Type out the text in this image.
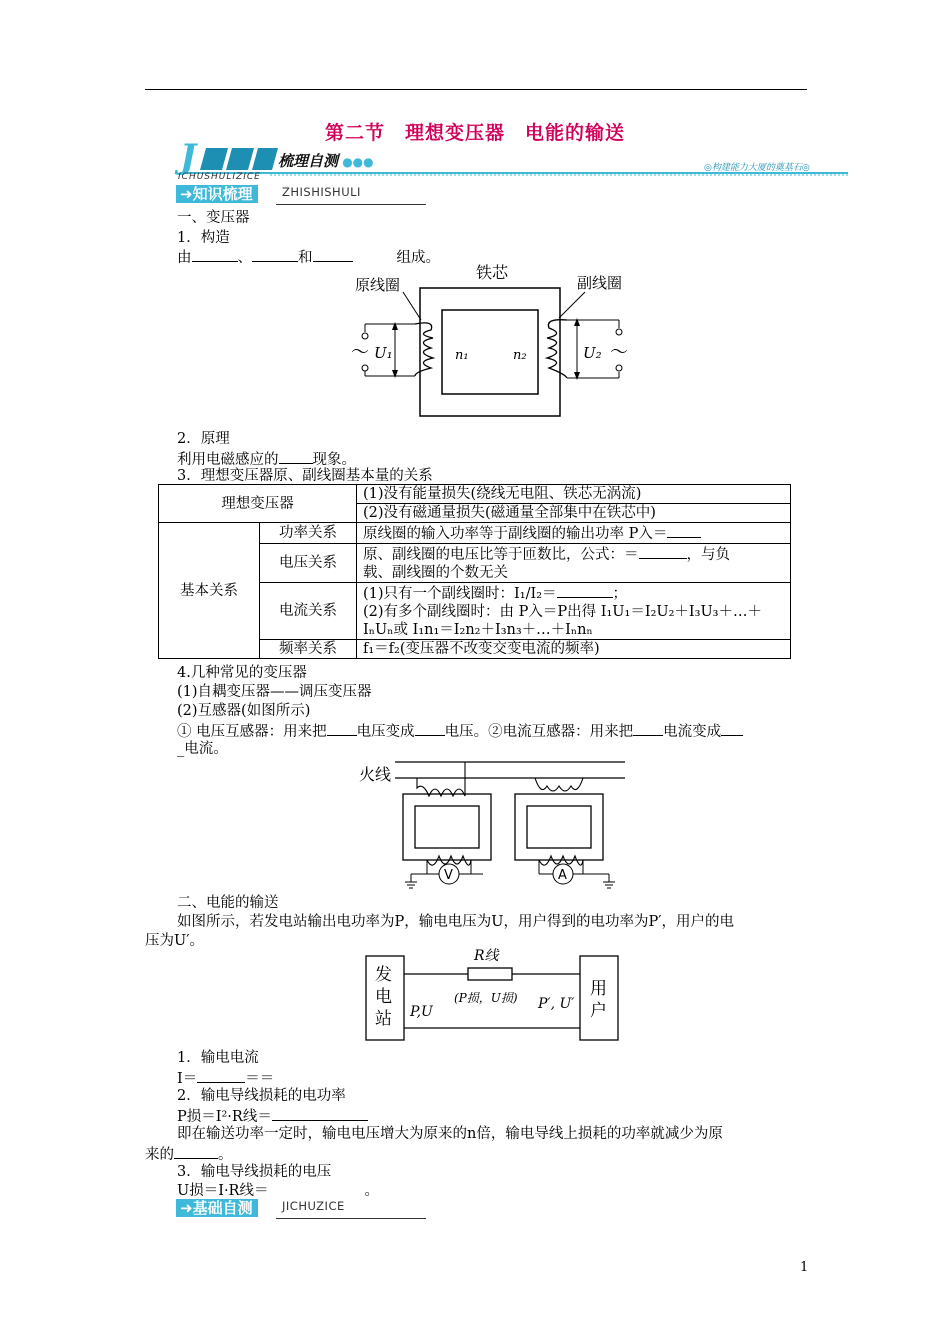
第二节　理想变压器　电能的输送
J
ICHUSHULIZICE
梳理自测 ●●●	◎构建能力大厦的奠基石◎
➜知识梳理	ZHISHISHULI
一、变压器
1．构造
由	、	和	组成。
铁芯
原线圈	副线圈
～ U₁	n₁	n₂	U₂ ～
2．原理
利用电磁感应的 现象。
3．理想变压器原、副线圈基本量的关系
理想变压器		(1)没有能量损失(绕线无电阻、铁芯无涡流)
		(2)没有磁通量损失(磁通量全部集中在铁芯中)
基本关系	功率关系	原线圈的输入功率等于副线圈的输出功率 P入＝
	电压关系	原、副线圈的电压比等于匝数比，公式：＝ ，与负
载、副线圈的个数无关
	电流关系	(1)只有一个副线圈时：I₁/I₂＝ ；
(2)有多个副线圈时：由 P入＝P出得 I₁U₁＝I₂U₂＋I₃U₃＋…＋
IₙUₙ或 I₁n₁＝I₂n₂＋I₃n₃＋…＋Iₙnₙ
	频率关系	f₁＝f₂(变压器不改变交变电流的频率)
4.几种常见的变压器
(1)自耦变压器——调压变压器
(2)互感器(如图所示)
① 电压互感器：用来把 电压变成 电压。②电流互感器：用来把 电流变成
_电流。
火线
V	A
二、电能的输送
如图所示，若发电站输出电功率为P，输电电压为U，用户得到的电功率为P′，用户的电
压为U′。
发
电
站
用
户
R线
P,U
(P损，U损) P′, U′
1．输电电流
I＝	＝＝
2．输电导线损耗的电功率
P损＝I²·R线＝
即在输送功率一定时，输电电压增大为原来的n倍，输电导线上损耗的功率就减少为原
来的	。
3．输电导线损耗的电压
U损＝I·R线＝	。
➜基础自测	JICHUZICE
1
